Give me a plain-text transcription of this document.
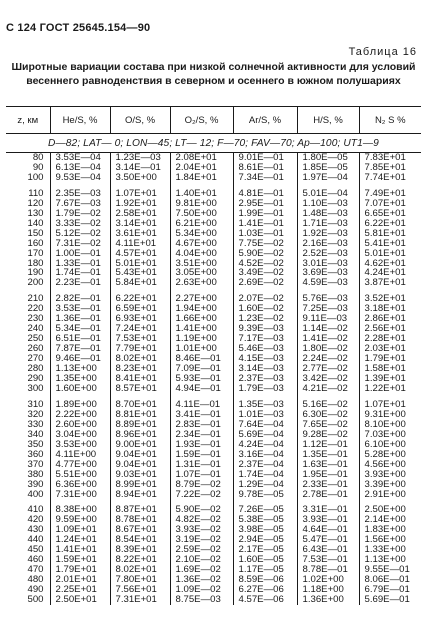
С 124 ГОСТ 25645.154—90
Таблица 16
Широтные вариации состава при низкой солнечной активности для условий весеннего равноденствия в северном и осеннего в южном полушариях
z, км	He/S, %	O/S, %	O₂/S, %	Ar/S, %	H/S, %	N₂ S %
D—82; LAT— 0; LON—45; LT— 12; F—70; FAV—70; Ap—100; UT1—9						
80	3.53E—04	1.23E—03	2.08E+01	9.01E—01	1.80E—05	7.83E+01
90	6.13E—04	3.14E—01	2.04E+01	8.61E—01	1.85E—05	7.85E+01
100	9.53E—04	3.50E+00	1.84E+01	7.34E—01	1.97E—04	7.74E+01
110	2.35E—03	1.07E+01	1.40E+01	4.81E—01	5.01E—04	7.49E+01
120	7.67E—03	1.92E+01	9.81E+00	2.95E—01	1.10E—03	7.07E+01
130	1.79E—02	2.58E+01	7.50E+00	1.99E—01	1.48E—03	6.65E+01
140	3.33E—02	3.14E+01	6.21E+00	1.41E—01	1.71E—03	6.22E+01
150	5.12E—02	3.61E+01	5.34E+00	1.03E—01	1.92E—03	5.81E+01
160	7.31E—02	4.11E+01	4.67E+00	7.75E—02	2.16E—03	5.41E+01
170	1.00E—01	4.57E+01	4.04E+00	5.90E—02	2.52E—03	5.01E+01
180	1.33E—01	5.01E+01	3.51E+00	4.52E—02	3.01E—03	4.62E+01
190	1.74E—01	5.43E+01	3.05E+00	3.49E—02	3.69E—03	4.24E+01
200	2.23E—01	5.84E+01	2.63E+00	2.69E—02	4.59E—03	3.87E+01
210	2.82E—01	6.22E+01	2.27E+00	2.07E—02	5.76E—03	3.52E+01
220	3.53E—01	6.59E+01	1.94E+00	1.60E—02	7.25E—03	3.18E+01
230	1.36E—01	6.93E+01	1.66E+00	1.23E—02	9.11E—03	2.86E+01
240	5.34E—01	7.24E+01	1.41E+00	9.39E—03	1.14E—02	2.56E+01
250	6.51E—01	7.53E+01	1.19E+00	7.17E—03	1.41E—02	2.28E+01
260	7.87E—01	7.79E+01	1.01E+00	5.46E—03	1.80E—02	2.03E+01
270	9.46E—01	8.02E+01	8.46E—01	4.15E—03	2.24E—02	1.79E+01
280	1.13E+00	8.23E+01	7.09E—01	3.14E—03	2.77E—02	1.58E+01
290	1.35E+00	8.41E+01	5.93E—01	2.37E—03	3.42E—02	1.39E+01
300	1.60E+00	8.57E+01	4.94E—01	1.79E—03	4.21E—02	1.22E+01
310	1.89E+00	8.70E+01	4.11E—01	1.35E—03	5.16E—02	1.07E+01
320	2.22E+00	8.81E+01	3.41E—01	1.01E—03	6.30E—02	9.31E+00
330	2.60E+00	8.89E+01	2.83E—01	7.64E—04	7.65E—02	8.10E+00
340	3.04E+00	8.96E+01	2.34E—01	5.69E—04	9.28E—02	7.03E+00
350	3.53E+00	9.00E+01	1.93E—01	4.24E—04	1.12E—01	6.10E+00
360	4.11E+00	9.04E+01	1.59E—01	3.16E—04	1.35E—01	5.28E+00
370	4.77E+00	9.04E+01	1.31E—01	2.37E—04	1.63E—01	4.56E+00
380	5.51E+00	9.03E+01	1.07E—01	1.74E—04	1.95E—01	3.93E+00
390	6.36E+00	8.99E+01	8.79E—02	1.29E—04	2.33E—01	3.39E+00
400	7.31E+00	8.94E+01	7.22E—02	9.78E—05	2.78E—01	2.91E+00
410	8.38E+00	8.87E+01	5.90E—02	7.26E—05	3.31E—01	2.50E+00
420	9.59E+00	8.78E+01	4.82E—02	5.38E—05	3.93E—01	2.14E+00
430	1.09E+01	8.67E+01	3.93E—02	3.98E—05	4.64E—01	1.83E+00
440	1.24E+01	8.54E+01	3.19E—02	2.94E—05	5.47E—01	1.56E+00
450	1.41E+01	8.39E+01	2.59E—02	2.17E—05	6.43E—01	1.33E+00
460	1.59E+01	8.22E+01	2.10E—02	1.60E—05	7.53E—01	1.13E+00
470	1.79E+01	8.02E+01	1.69E—02	1.17E—05	8.78E—01	9.55E—01
480	2.01E+01	7.80E+01	1.36E—02	8.59E—06	1.02E+00	8.06E—01
490	2.25E+01	7.56E+01	1.09E—02	6.27E—06	1.18E+00	6.79E—01
500	2.50E+01	7.31E+01	8.75E—03	4.57E—06	1.36E+00	5.69E—01
